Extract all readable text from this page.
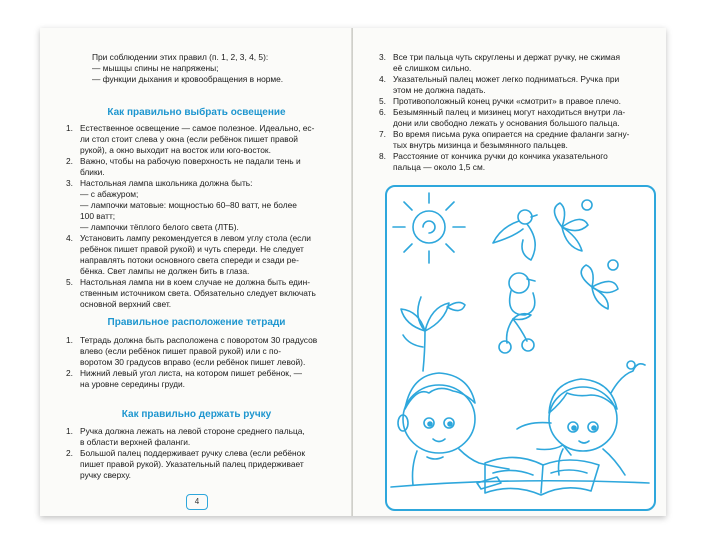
При соблюдении этих правил (п. 1, 2, 3, 4, 5):
— мышцы спины не напряжены;
— функции дыхания и кровообращения в норме.
Как правильно выбрать освещение
1. Естественное освещение — самое полезное. Идеально, ес-
ли стол стоит слева у окна (если ребёнок пишет правой
рукой), а окно выходит на восток или юго-восток.
2. Важно, чтобы на рабочую поверхность не падали тень и
блики.
3. Настольная лампа школьника должна быть:
— с абажуром;
— лампочки матовые: мощностью 60–80 ватт, не более
100 ватт;
— лампочки тёплого белого света (ЛТБ).
4. Установить лампу рекомендуется в левом углу стола (если
ребёнок пишет правой рукой) и чуть спереди. Не следует
направлять потоки основного света спереди и сзади ре-
бёнка. Свет лампы не должен бить в глаза.
5. Настольная лампа ни в коем случае не должна быть един-
ственным источником света. Обязательно следует включать
основной верхний свет.
Правильное расположение тетради
1. Тетрадь должна быть расположена с поворотом 30 градусов
влево (если ребёнок пишет правой рукой) или с по-
воротом 30 градусов вправо (если ребёнок пишет левой).
2. Нижний левый угол листа, на котором пишет ребёнок, —
на уровне середины груди.
Как правильно держать ручку
1. Ручка должна лежать на левой стороне среднего пальца,
в области верхней фаланги.
2. Большой палец поддерживает ручку слева (если ребёнок
пишет правой рукой). Указательный палец придерживает
ручку сверху.
4
3. Все три пальца чуть скруглены и держат ручку, не сжимая
её слишком сильно.
4. Указательный палец может легко подниматься. Ручка при
этом не должна падать.
5. Противоположный конец ручки «смотрит» в правое плечо.
6. Безымянный палец и мизинец могут находиться внутри ла-
дони или свободно лежать у основания большого пальца.
7. Во время письма рука опирается на средние фаланги загну-
тых внутрь мизинца и безымянного пальцев.
8. Расстояние от кончика ручки до кончика указательного
пальца — около 1,5 см.
